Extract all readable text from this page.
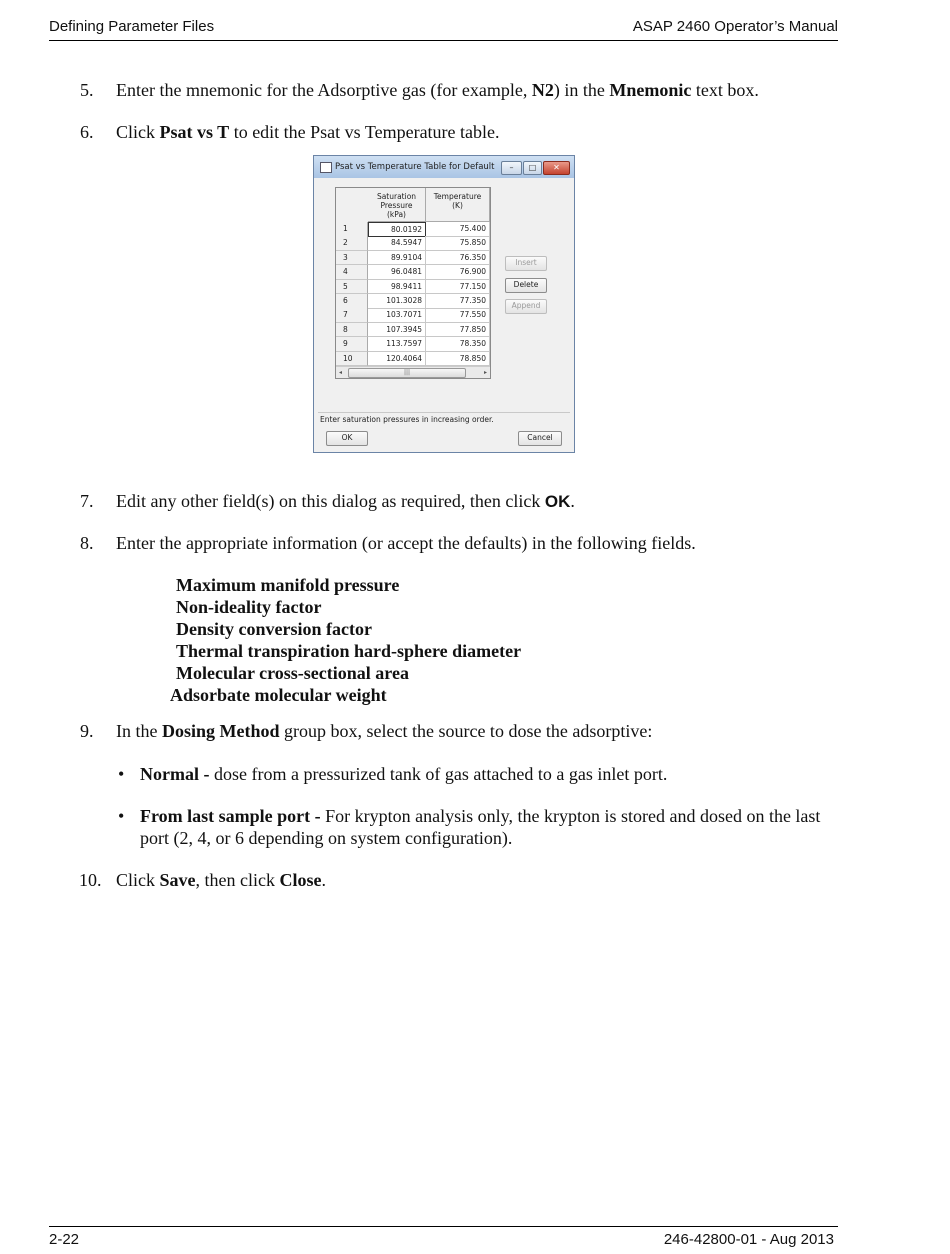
Defining Parameter Files	ASAP 2460 Operator’s Manual
5. Enter the mnemonic for the Adsorptive gas (for example, N2) in the Mnemonic text box.
6. Click Psat vs T to edit the Psat vs Temperature table.
Psat vs Temperature Table for Default	–	□	✕
Saturation
Pressure
(kPa)
Temperature
(K)
◂	|||	▸
1	80.0192	75.400
2	84.5947	75.850
3	89.9104	76.350
4	96.0481	76.900
5	98.9411	77.150
6	101.3028	77.350
7	103.7071	77.550
8	107.3945	77.850
9	113.7597	78.350
10	120.4064	78.850
Insert
Delete
Append
Enter saturation pressures in increasing order.
OK	Cancel
7. Edit any other field(s) on this dialog as required, then click OK.
8. Enter the appropriate information (or accept the defaults) in the following fields.
Maximum manifold pressure
Non-ideality factor
Density conversion factor
Thermal transpiration hard-sphere diameter
Molecular cross-sectional area
Adsorbate molecular weight
9. In the Dosing Method group box, select the source to dose the adsorptive:
• Normal - dose from a pressurized tank of gas attached to a gas inlet port.
• From last sample port - For krypton analysis only, the krypton is stored and dosed on the last port (2, 4, or 6 depending on system configuration).
10. Click Save, then click Close.
2-22	246-42800-01 - Aug 2013
